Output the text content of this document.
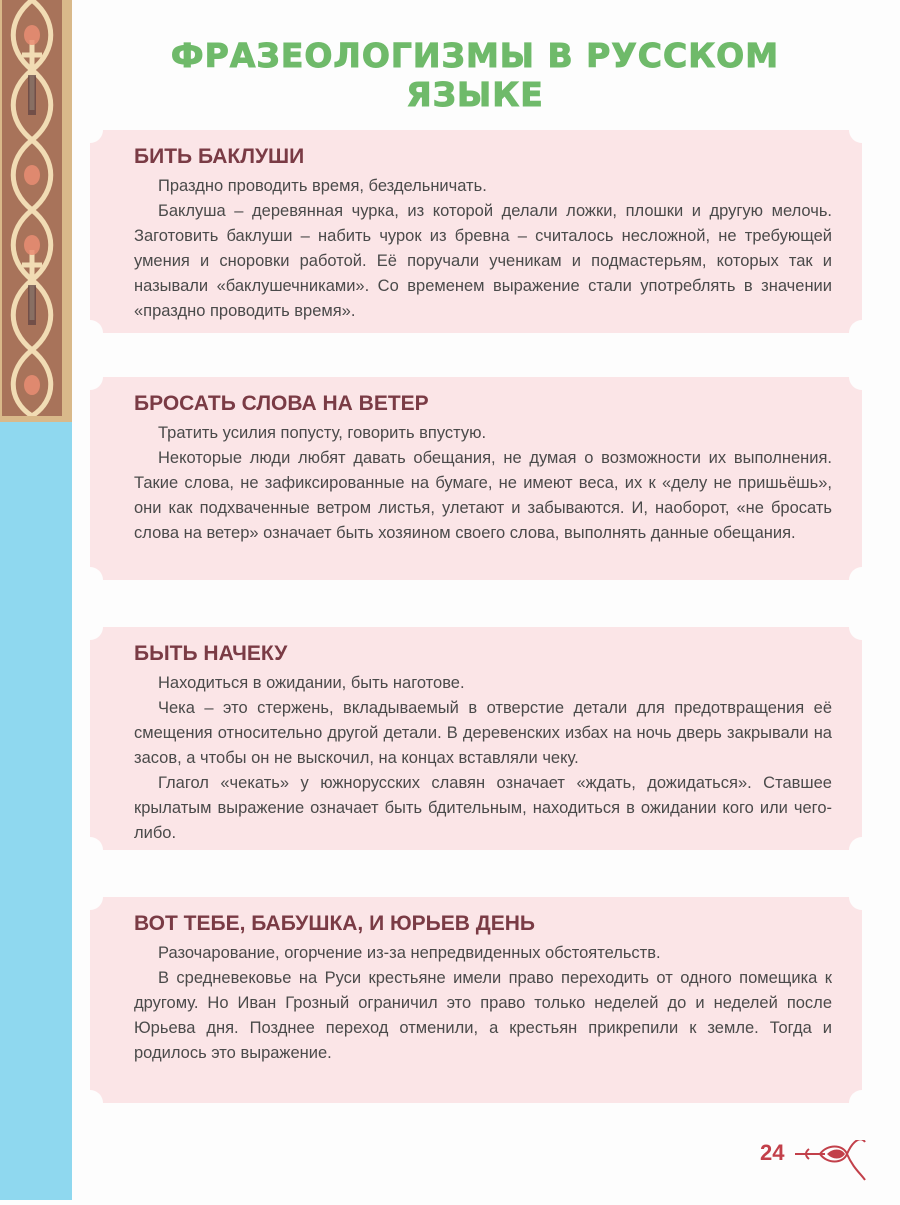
ФРАЗЕОЛОГИЗМЫ В РУССКОМ ЯЗЫКЕ
БИТЬ БАКЛУШИ

Праздно проводить время, бездельничать.

Баклуша – деревянная чурка, из которой делали ложки, плошки и другую мелочь. Заготовить баклуши – набить чурок из бревна – считалось несложной, не требующей умения и сноровки работой. Её поручали ученикам и подмастерьям, которых так и называли «баклушечниками». Со временем выражение стали употреблять в значении «праздно проводить время».

БРОСАТЬ СЛОВА НА ВЕТЕР

Тратить усилия попусту, говорить впустую.

Некоторые люди любят давать обещания, не думая о возможности их выполнения. Такие слова, не зафиксированные на бумаге, не имеют веса, их к «делу не пришьёшь», они как подхваченные ветром листья, улетают и забываются. И, наоборот, «не бросать слова на ветер» означает быть хозяином своего слова, выполнять данные обещания.

БЫТЬ НАЧЕКУ

Находиться в ожидании, быть наготове.

Чека – это стержень, вкладываемый в отверстие детали для предотвращения её смещения относительно другой детали. В деревенских избах на ночь дверь закрывали на засов, а чтобы он не выскочил, на концах вставляли чеку.

Глагол «чекать» у южнорусских славян означает «ждать, дожидаться». Ставшее крылатым выражение означает быть бдительным, находиться в ожидании кого или чего-либо.

ВОТ ТЕБЕ, БАБУШКА, И ЮРЬЕВ ДЕНЬ

Разочарование, огорчение из-за непредвиденных обстоятельств.

В средневековье на Руси крестьяне имели право переходить от одного помещика к другому. Но Иван Грозный ограничил это право только неделей до и неделей после Юрьева дня. Позднее переход отменили, а крестьян прикрепили к земле. Тогда и родилось это выражение.

24
